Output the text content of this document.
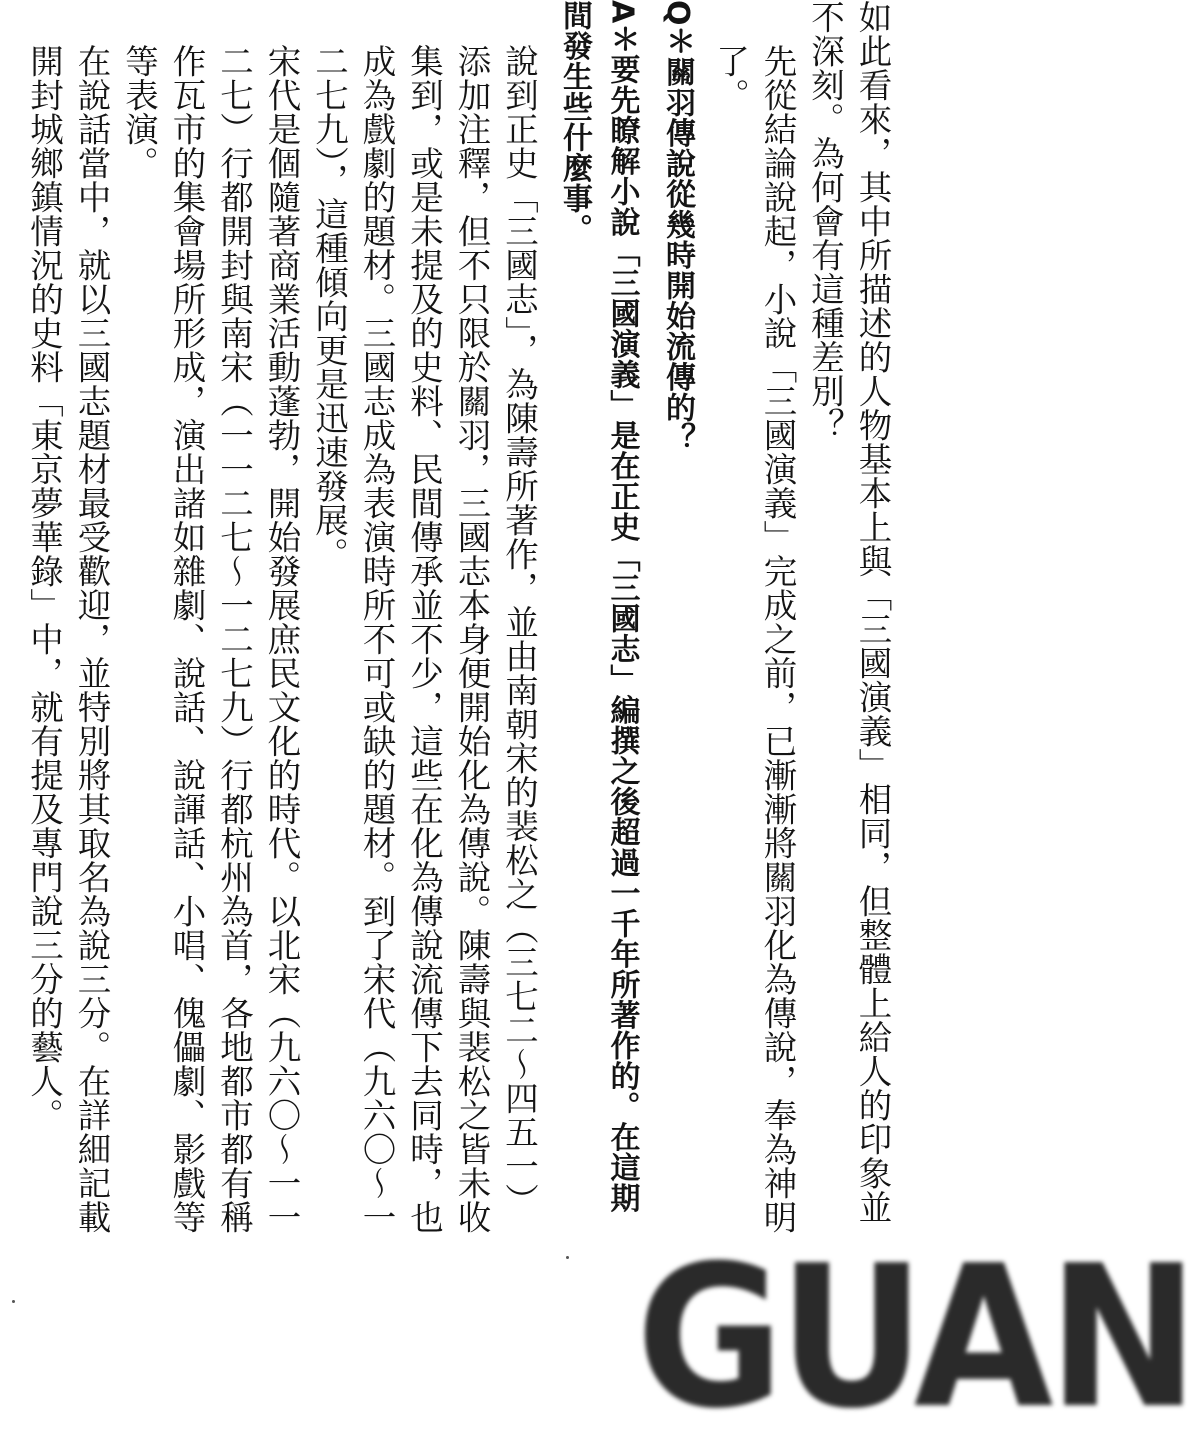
如此看來，其中所描述的人物基本上與「三國演義」相同，但整體上給人的印象並不深刻。為何會有這種差別？

先從結論說起，小說「三國演義」完成之前，已漸漸將關羽化為傳說，奉為神明了。

Q＊關羽傳說從幾時開始流傳的？

A＊要先瞭解小說「三國演義」是在正史「三國志」編撰之後超過一千年所著作的。在這期間發生些什麼事。

說到正史「三國志」，為陳壽所著作，並由南朝宋的裴松之（三七二～四五一）添加注釋，但不只限於關羽，三國志本身便開始化為傳說。陳壽與裴松之皆未收集到，或是未提及的史料、民間傳承並不少，這些在化為傳說流傳下去同時，也成為戲劇的題材。三國志成為表演時所不可或缺的題材。到了宋代（九六〇～一二七九），這種傾向更是迅速發展。

宋代是個隨著商業活動蓬勃，開始發展庶民文化的時代。以北宋（九六〇～一一二七）行都開封與南宋（一一二七～一二七九）行都杭州為首，各地都市都有稱作瓦市的集會場所形成，演出諸如雜劇、說話、說諢話、小唱、傀儡劇、影戲等等表演。

在說話當中，就以三國志題材最受歡迎，並特別將其取名為說三分。在詳細記載開封城鄉鎮情況的史料「東京夢華錄」中，就有提及專門說三分的藝人。

GUAN
